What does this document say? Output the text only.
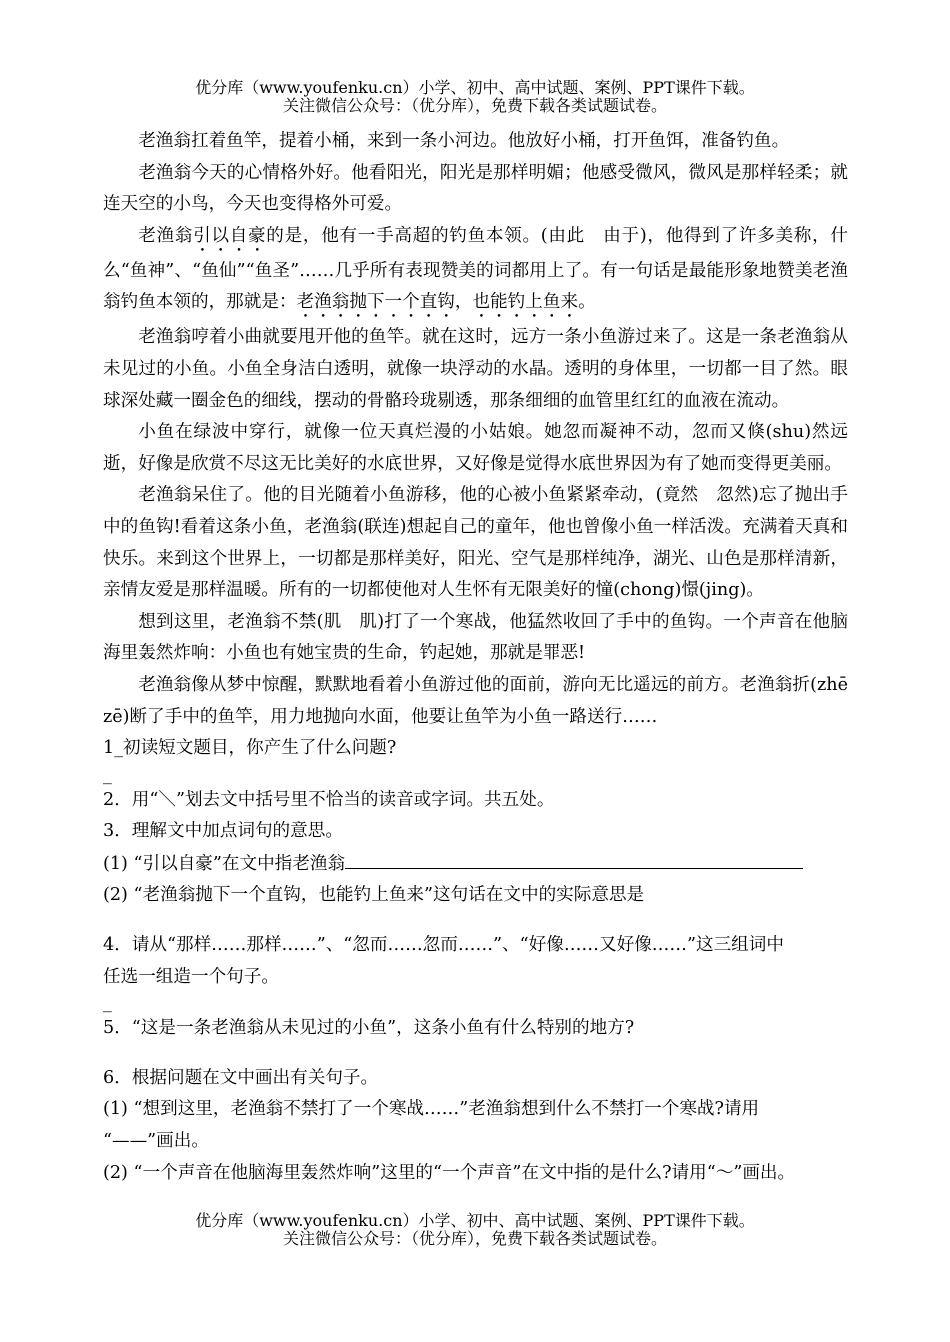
优分库（www.youfenku.cn）小学、初中、高中试题、案例、PPT课件下载。
关注微信公众号：（优分库），免费下载各类试题试卷。

老渔翁扛着鱼竿，提着小桶，来到一条小河边。他放好小桶，打开鱼饵，准备钓鱼。

老渔翁今天的心情格外好。他看阳光，阳光是那样明媚；他感受微风，微风是那样轻柔；就连天空的小鸟，今天也变得格外可爱。

老渔翁引以自豪的是，他有一手高超的钓鱼本领。(由此　由于)，他得到了许多美称，什么“鱼神”、“鱼仙”“鱼圣”……几乎所有表现赞美的词都用上了。有一句话是最能形象地赞美老渔翁钓鱼本领的，那就是：老渔翁抛下一个直钩，也能钓上鱼来。

老渔翁哼着小曲就要甩开他的鱼竿。就在这时，远方一条小鱼游过来了。这是一条老渔翁从未见过的小鱼。小鱼全身洁白透明，就像一块浮动的水晶。透明的身体里，一切都一目了然。眼球深处藏一圈金色的细线，摆动的骨骼玲珑剔透，那条细细的血管里红红的血液在流动。

小鱼在绿波中穿行，就像一位天真烂漫的小姑娘。她忽而凝神不动，忽而又倏(shu)然远逝，好像是欣赏不尽这无比美好的水底世界，又好像是觉得水底世界因为有了她而变得更美丽。

老渔翁呆住了。他的目光随着小鱼游移，他的心被小鱼紧紧牵动，(竟然　忽然)忘了抛出手中的鱼钩!看着这条小鱼，老渔翁(联连)想起自己的童年，他也曾像小鱼一样活泼。充满着天真和快乐。来到这个世界上，一切都是那样美好，阳光、空气是那样纯净，湖光、山色是那样清新，亲情友爱是那样温暖。所有的一切都使他对人生怀有无限美好的憧(chong)憬(jing)。

想到这里，老渔翁不禁(肌　肌)打了一个寒战，他猛然收回了手中的鱼钩。一个声音在他脑海里轰然炸响：小鱼也有她宝贵的生命，钓起她，那就是罪恶!

老渔翁像从梦中惊醒，默默地看着小鱼游过他的面前，游向无比遥远的前方。老渔翁折(zhē　zē)断了手中的鱼竿，用力地抛向水面，他要让鱼竿为小鱼一路送行……

1_初读短文题目，你产生了什么问题?

_

2．用“＼”划去文中括号里不恰当的读音或字词。共五处。

3．理解文中加点词句的意思。

(1) “引以自豪”在文中指老渔翁

(2) “老渔翁抛下一个直钩，也能钓上鱼来”这句话在文中的实际意思是

4．请从“那样……那样……”、“忽而……忽而……”、“好像……又好像……”这三组词中

任选一组造一个句子。

_

5．“这是一条老渔翁从未见过的小鱼”，这条小鱼有什么特别的地方?

6．根据问题在文中画出有关句子。

(1) “想到这里，老渔翁不禁打了一个寒战……”老渔翁想到什么不禁打一个寒战?请用

“——”画出。

(2) “一个声音在他脑海里轰然炸响”这里的“一个声音”在文中指的是什么?请用“～”画出。

优分库（www.youfenku.cn）小学、初中、高中试题、案例、PPT课件下载。
关注微信公众号：（优分库），免费下载各类试题试卷。
